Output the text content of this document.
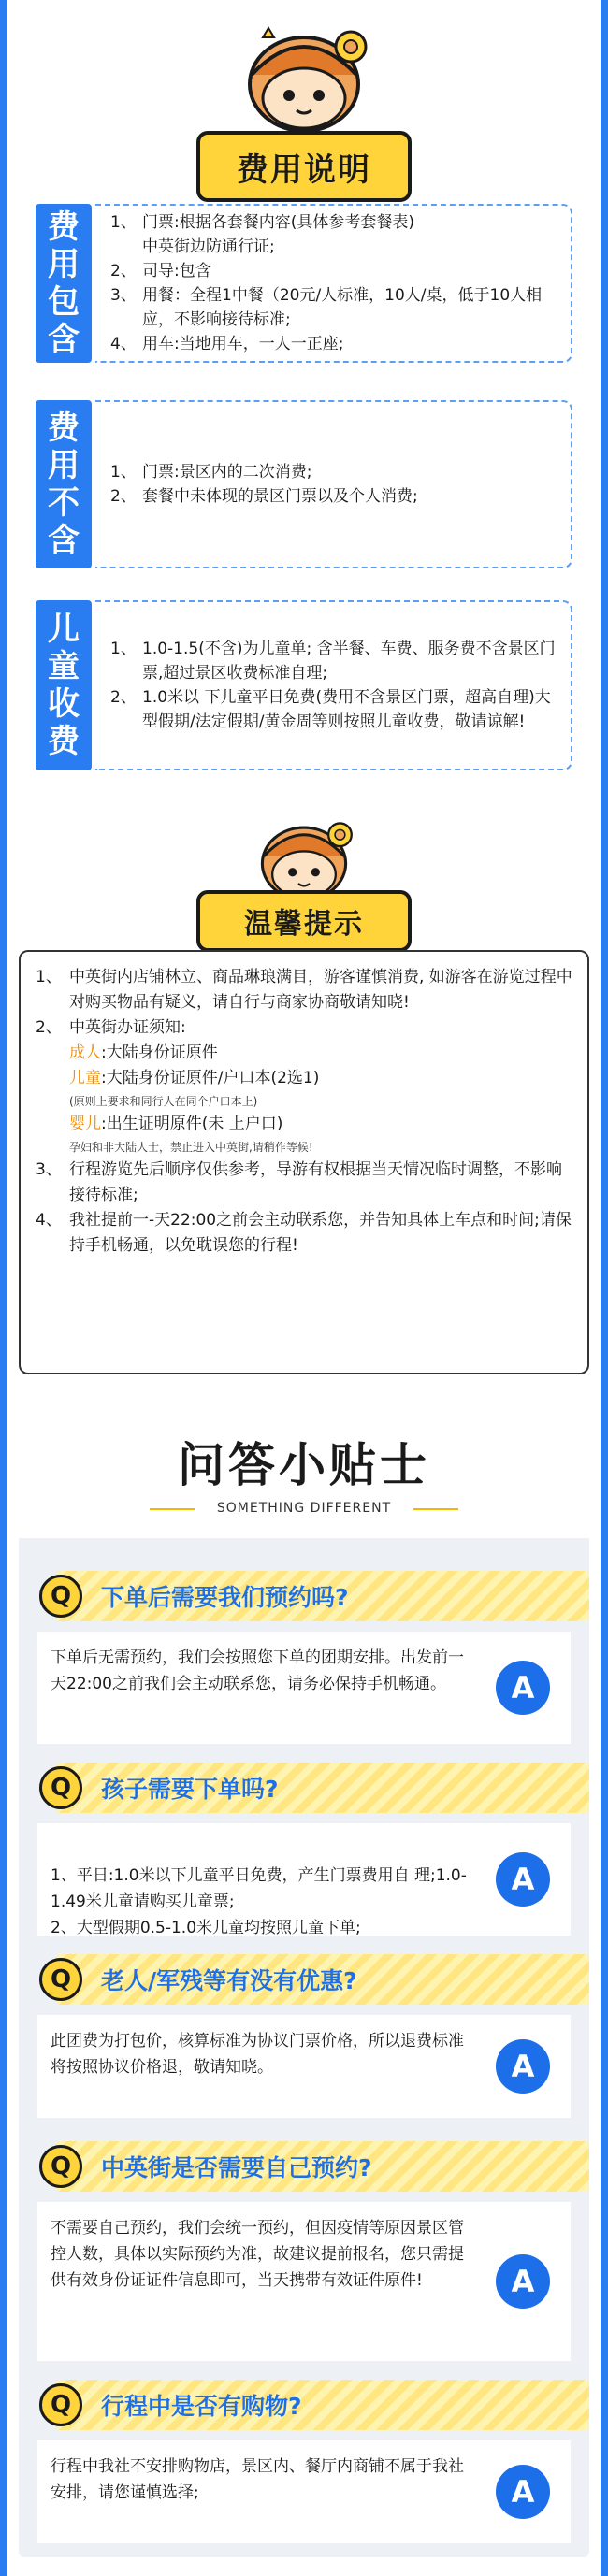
费用说明
费
用
包
含
1、 门票:根据各套餐内容(具体参考套餐表)
中英街边防通行证;
2、 司导:包含
3、 用餐：全程1中餐（20元/人标准，10人/桌，低于10人相应，不影响接待标准;
4、 用车:当地用车，一人一正座;
费
用
不
含
1、 门票:景区内的二次消费;
2、 套餐中未体现的景区门票以及个人消费;
儿
童
收
费
1、 1.0-1.5(不含)为儿童单; 含半餐、车费、服务费不含景区门票,超过景区收费标准自理;
2、 1.0米以 下儿童平日免费(费用不含景区门票，超高自理)大型假期/法定假期/黄金周等则按照儿童收费，敬请谅解!
温馨提示
1、 中英街内店铺林立、商品琳琅满目，游客谨慎消费, 如游客在游览过程中对购买物品有疑义，请自行与商家协商敬请知晓!
2、 中英街办证须知:
成人:大陆身份证原件
儿童:大陆身份证原件/户口本(2选1)
(原则上要求和同行人在同个户口本上)
婴儿:出生证明原件(未 上户口)
孕妇和非大陆人士，禁止进入中英街,请稍作等候!
3、 行程游览先后顺序仅供参考，导游有权根据当天情况临时调整，不影响接待标准;
4、 我社提前一-天22:00之前会主动联系您，并告知具体上车点和时间;请保持手机畅通，以免耽误您的行程!
问答小贴士
SOMETHING DIFFERENT
Q	下单后需要我们预约吗?
下单后无需预约，我们会按照您下单的团期安排。出发前一天22:00之前我们会主动联系您，请务必保持手机畅通。	A
Q	孩子需要下单吗?

1、平日:1.0米以下儿童平日免费，产生门票费用自 理;1.0-1.49米儿童请购买儿童票;
2、大型假期0.5-1.0米儿童均按照儿童下单;

A

Q	老人/军残等有没有优惠?
此团费为打包价，核算标准为协议门票价格，所以退费标准将按照协议价格退，敬请知晓。	A
Q	中英街是否需要自己预约?
不需要自己预约，我们会统一预约，但因疫情等原因景区管控人数，具体以实际预约为准，故建议提前报名，您只需提供有效身份证证件信息即可，当天携带有效证件原件!	A
Q	行程中是否有购物?
行程中我社不安排购物店，景区内、餐厅内商铺不属于我社安排，请您谨慎选择;	A
